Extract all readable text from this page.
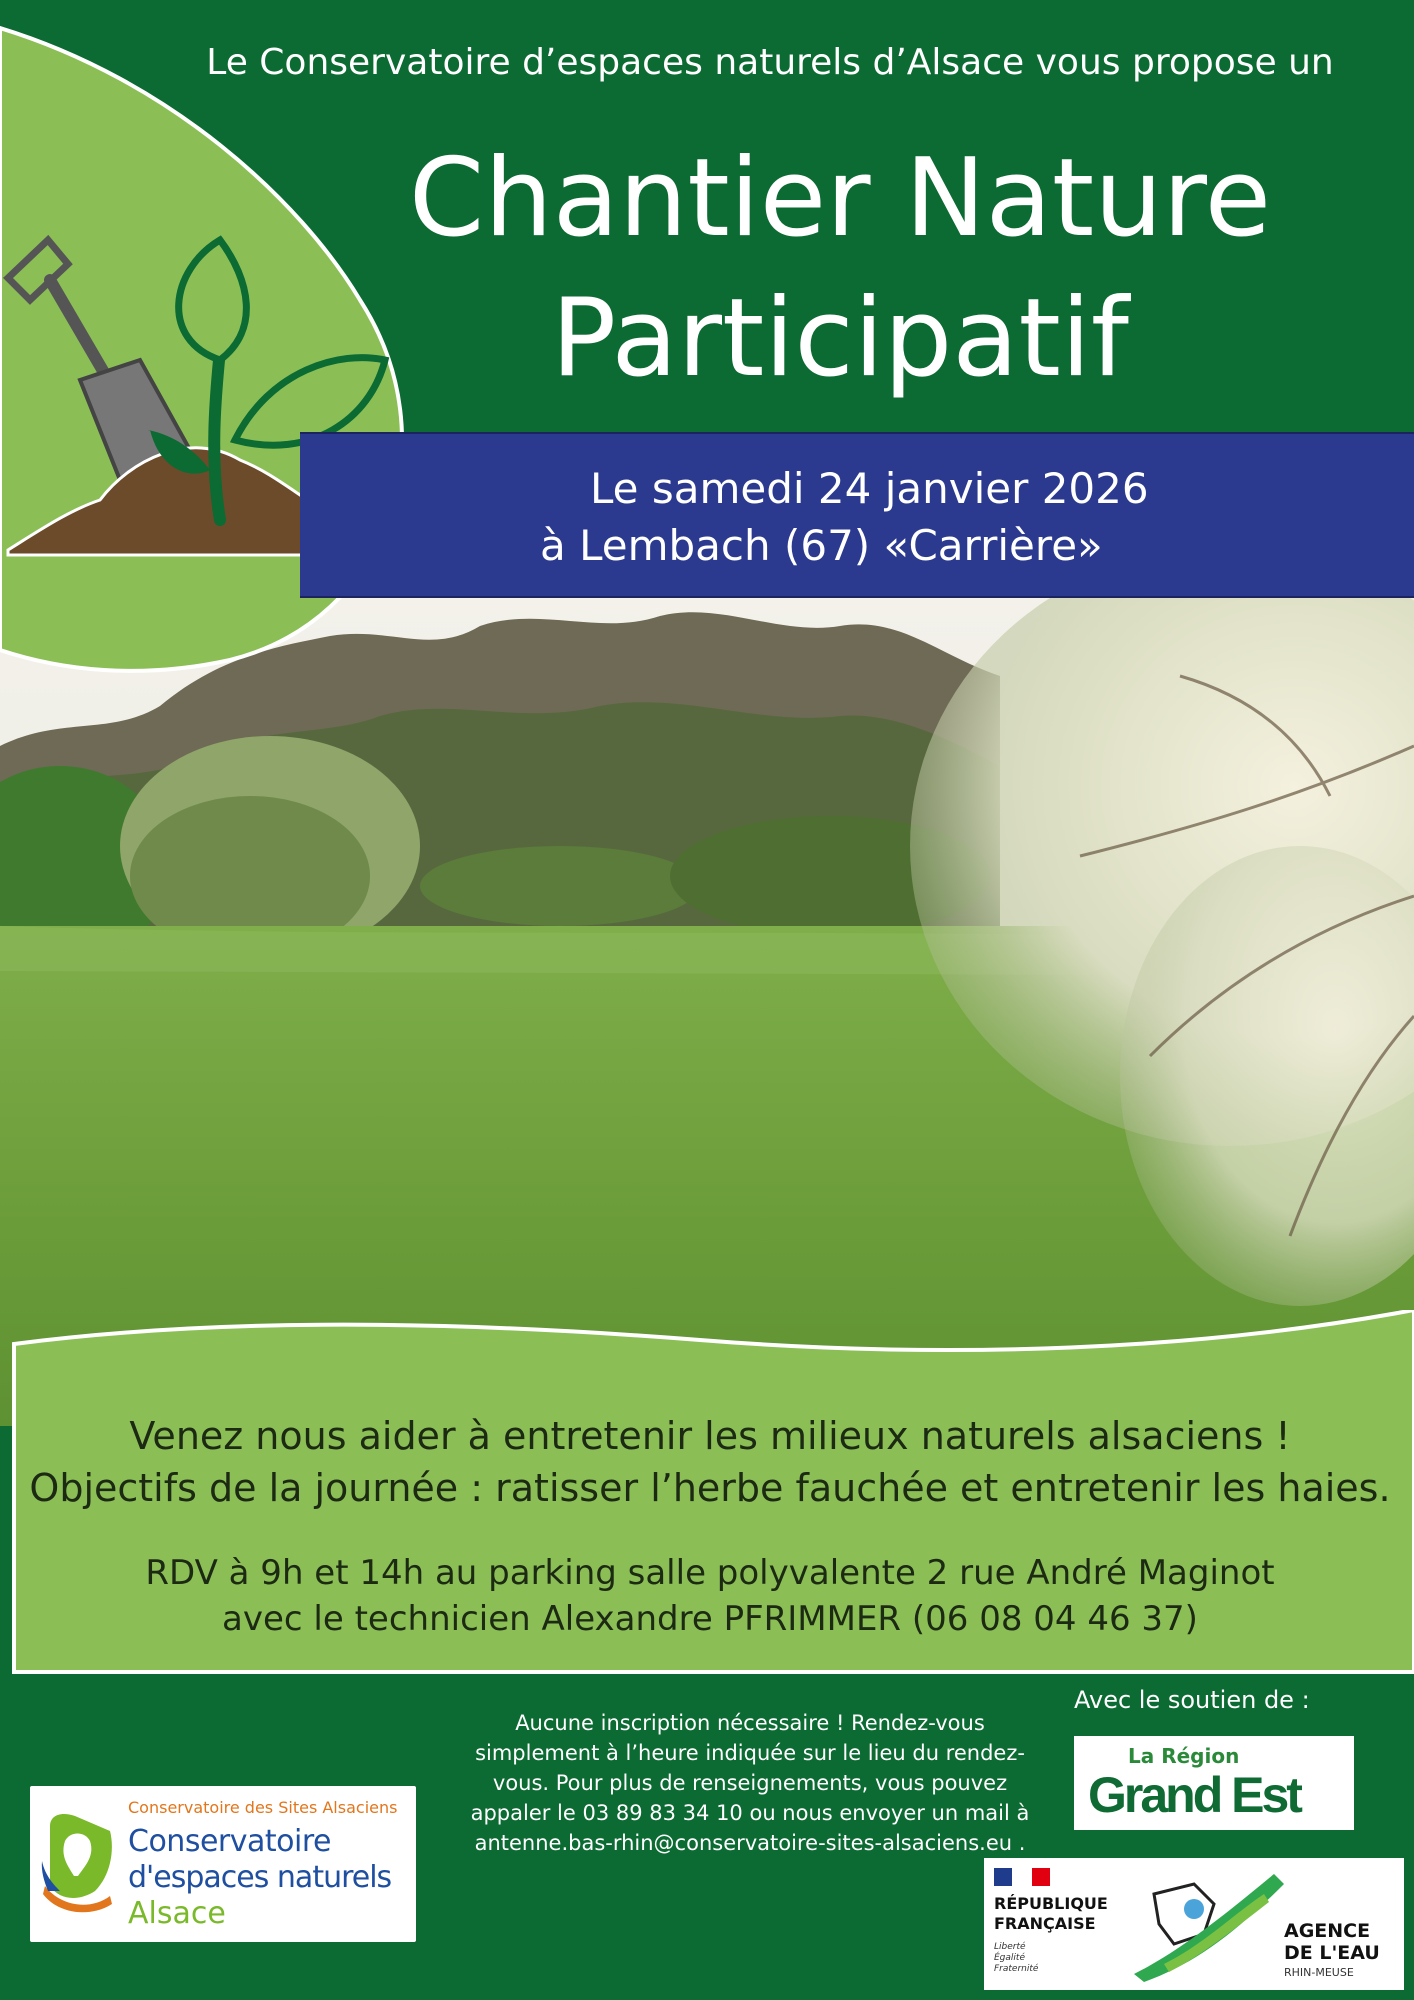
Le Conservatoire d’espaces naturels d’Alsace vous propose un
Chantier Nature
Participatif
Le samedi 24 janvier 2026
à Lembach (67) «Carrière»
Venez nous aider à entretenir les milieux naturels alsaciens !
Objectifs de la journée : ratisser l’herbe fauchée et entretenir les haies.
RDV à 9h et 14h au parking salle polyvalente 2 rue André Maginot
avec le technicien Alexandre PFRIMMER (06 08 04 46 37)
Aucune inscription nécessaire ! Rendez-vous
simplement à l’heure indiquée sur le lieu du rendez-
vous. Pour plus de renseignements, vous pouvez
appaler le 03 89 83 34 10 ou nous envoyer un mail à
antenne.bas-rhin@conservatoire-sites-alsaciens.eu .
Avec le soutien de :
Conservatoire des Sites Alsaciens
Conservatoire
d'espaces naturels
Alsace
La Région
Grand Est
RÉPUBLIQUE
FRANÇAISE
Liberté
Égalité
Fraternité
AGENCE
DE L'EAU
RHIN-MEUSE
